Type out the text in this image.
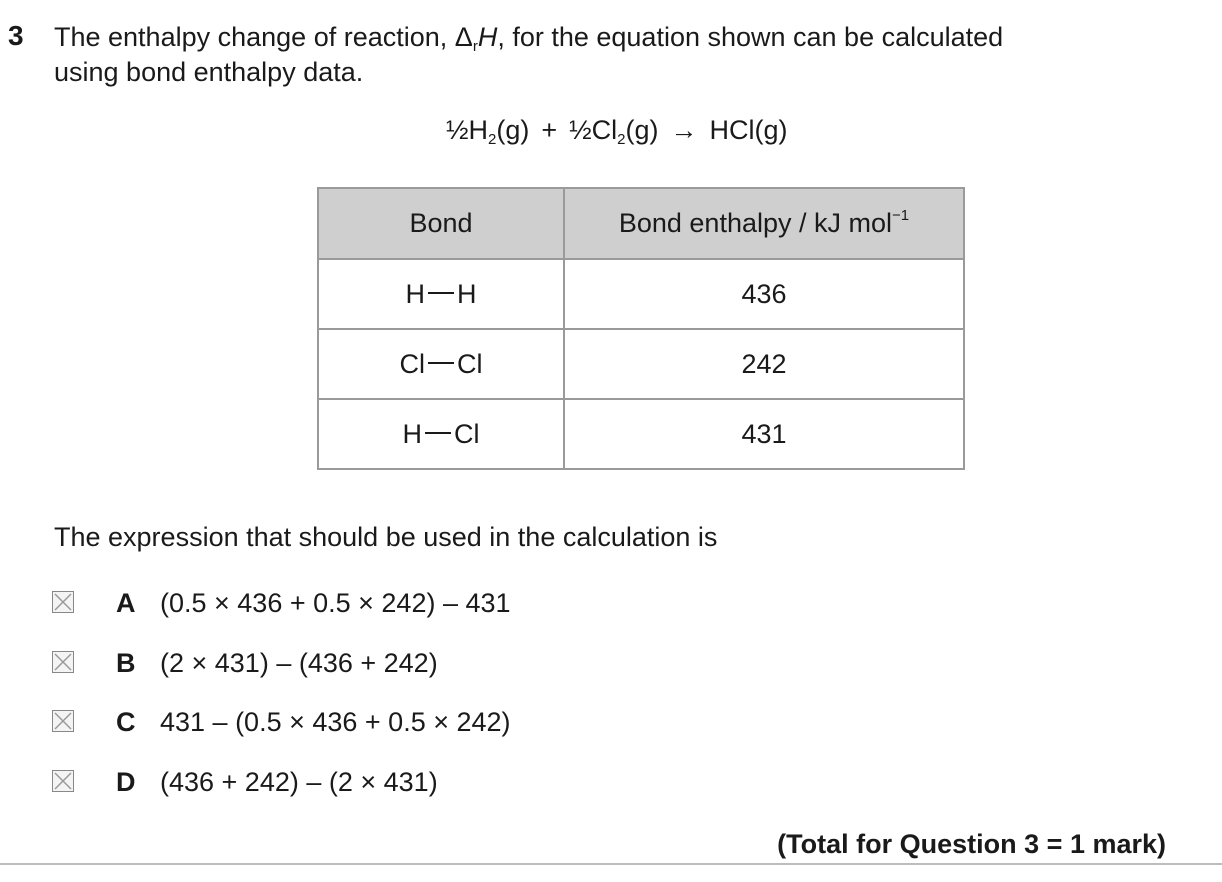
3 The enthalpy change of reaction, $\Delta_rH$, for the equation shown can be calculated
using bond enthalpy data.
$\frac{1}{2}H_2(g)$ + $\frac{1}{2}Cl_2(g) \to HCl(g)$
Bond	Bond enthalpy / kJ mol$^{-1}$
H H	436
Cl Cl	242
H Cl	431
The expression that should be used in the calculation is
A (0.5 × 436 + 0.5 × 242) – 431
B (2 × 431) – (436 + 242)
C 431 – (0.5 × 436 + 0.5 × 242)
D (436 + 242) – (2 × 431)
(Total for Question 3 = 1 mark)
